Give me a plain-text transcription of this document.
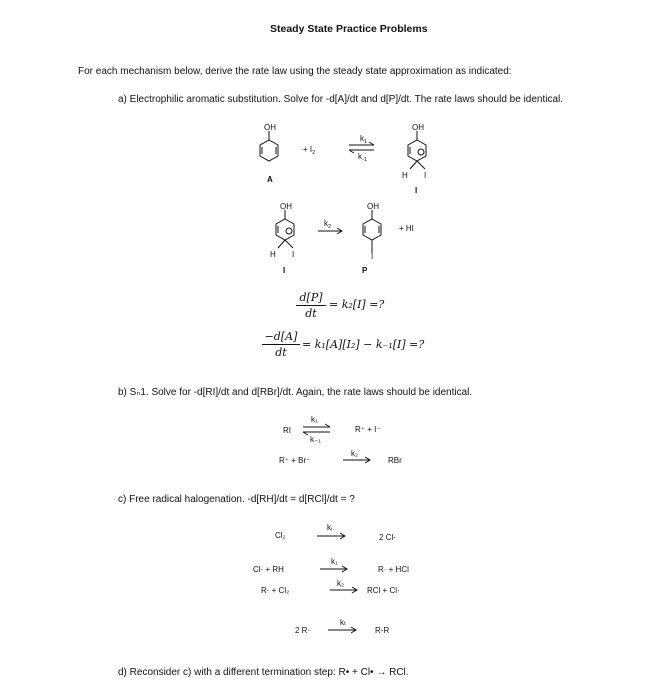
Steady State Practice Problems
For each mechanism below, derive the rate law using the steady state approximation as indicated:
a) Electrophilic aromatic substitution. Solve for -d[A]/dt and d[P]/dt. The rate laws should be identical.
OH
+ $I_2$
$k_1$
$k_{-1}$
OH
A	H I
I
OH
$k_2$
OH
+ HI
H I
I
I
P
d[P]
dt
= k₂[I] =?
−d[A]
dt
= k₁[A][I₂] − k₋₁[I] =?
b) Sₙ1. Solve for -d[RI]/dt and d[RBr]/dt. Again, the rate laws should be identical.
RI
k₁
k₋₁
R⁺ + I⁻
R⁺ + Br⁻
k₂
RBr
c) Free radical halogenation. -d[RH]/dt = d[RCl]/dt = ?
Cl₂
kᵢ
2 Cl·
Cl· + RH
k₁
R· + HCl
R· + Cl₂
k₂
RCl + Cl·
2 R·
kₜ
R-R
d) Reconsider c) with a different termination step: R• + Cl• → RCl.
